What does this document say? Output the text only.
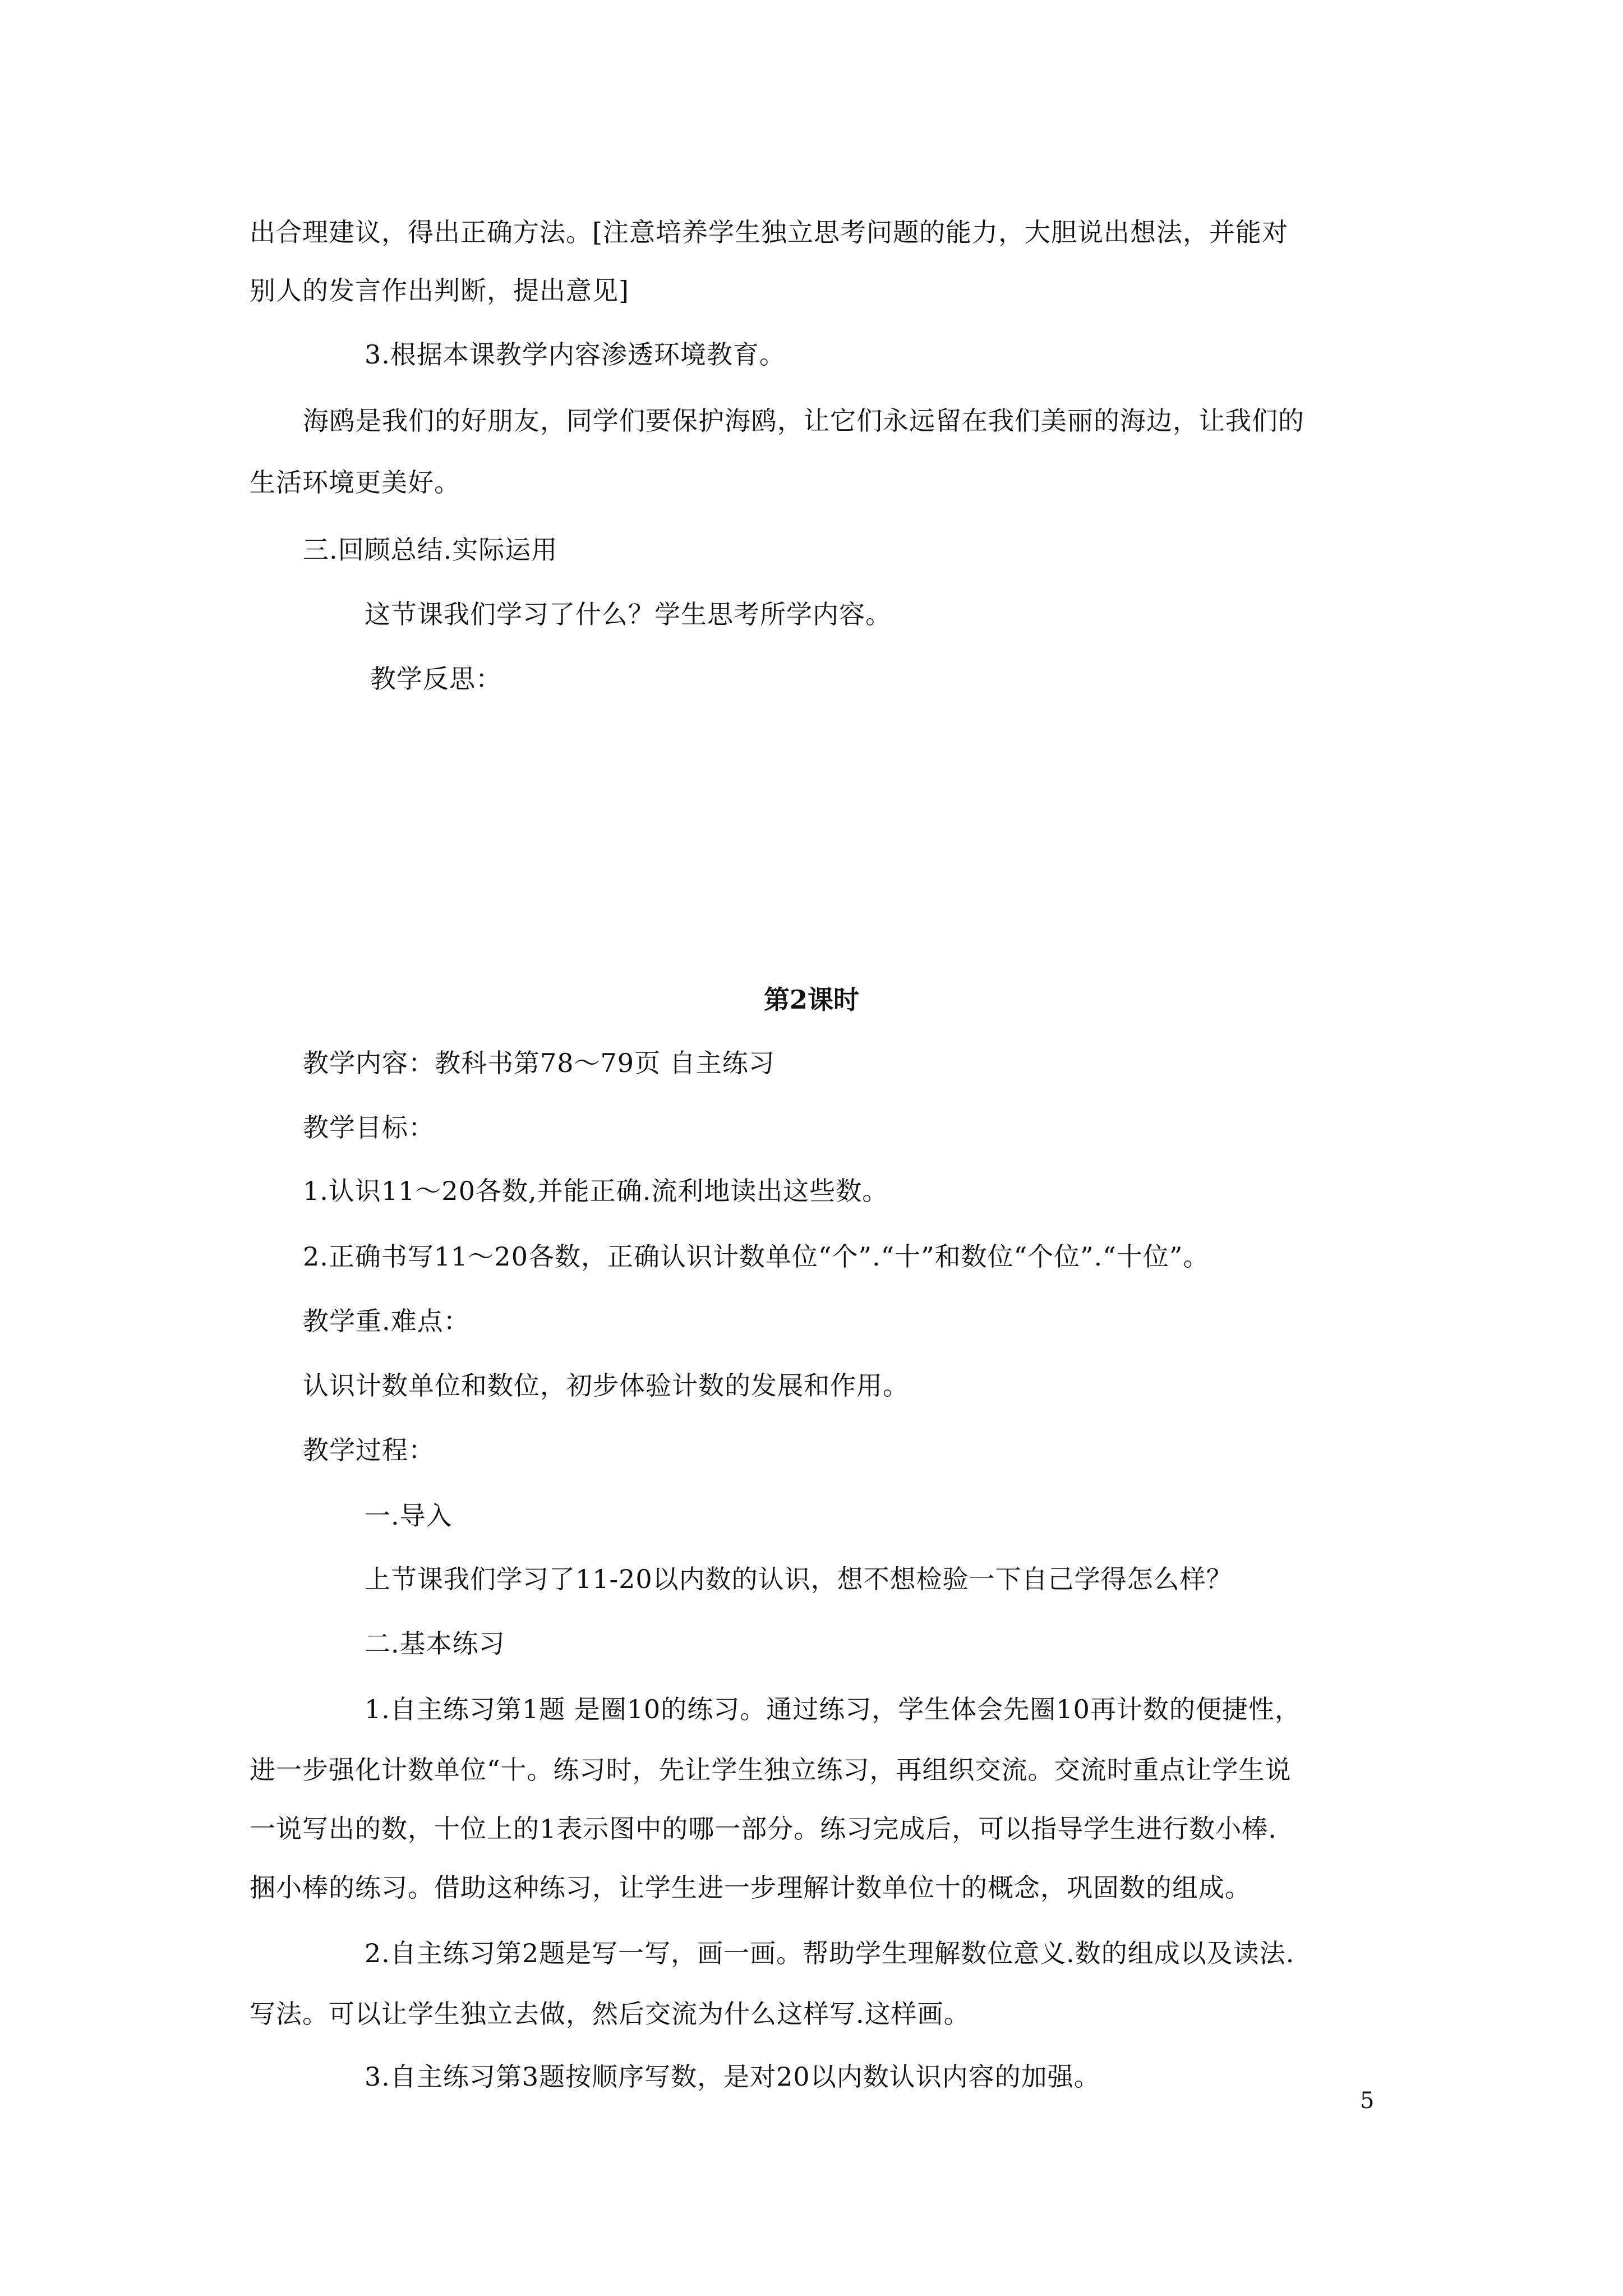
出合理建议，得出正确方法。[注意培养学生独立思考问题的能力，大胆说出想法，并能对
别人的发言作出判断，提出意见]
3.根据本课教学内容渗透环境教育。
海鸥是我们的好朋友，同学们要保护海鸥，让它们永远留在我们美丽的海边，让我们的
生活环境更美好。
三.回顾总结.实际运用
这节课我们学习了什么？学生思考所学内容。
教学反思：
第2课时
教学内容：教科书第78～79页 自主练习
教学目标：
1.认识11～20各数,并能正确.流利地读出这些数。
2.正确书写11～20各数，正确认识计数单位“个”.“十”和数位“个位”.“十位”。
教学重.难点：
认识计数单位和数位，初步体验计数的发展和作用。
教学过程：
一.导入
上节课我们学习了11-20以内数的认识，想不想检验一下自己学得怎么样？
二.基本练习
1.自主练习第1题 是圈10的练习。通过练习，学生体会先圈10再计数的便捷性，
进一步强化计数单位“十。练习时，先让学生独立练习，再组织交流。交流时重点让学生说
一说写出的数，十位上的1表示图中的哪一部分。练习完成后，可以指导学生进行数小棒.
捆小棒的练习。借助这种练习，让学生进一步理解计数单位十的概念，巩固数的组成。
2.自主练习第2题是写一写，画一画。帮助学生理解数位意义.数的组成以及读法.
写法。可以让学生独立去做，然后交流为什么这样写.这样画。
3.自主练习第3题按顺序写数，是对20以内数认识内容的加强。
5
